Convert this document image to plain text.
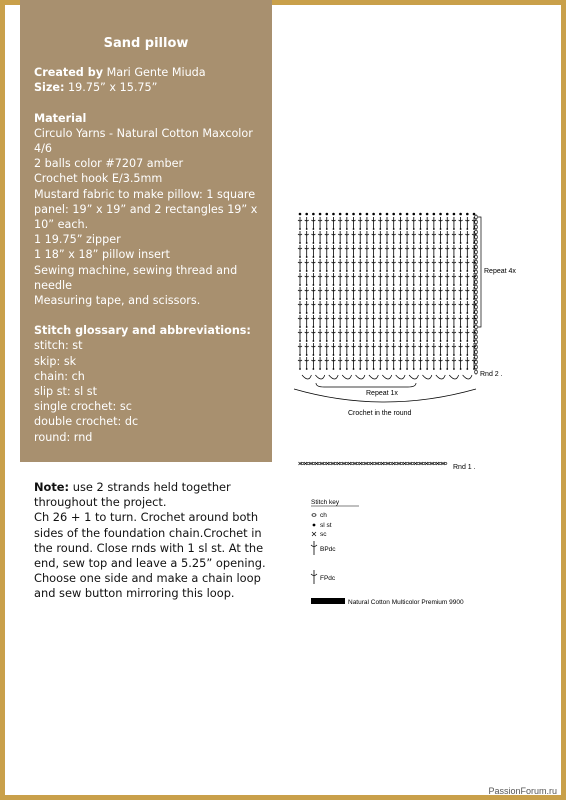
Sand pillow

Created by Mari Gente Miuda

Size: 19.75” x 15.75”

Material

Circulo Yarns - Natural Cotton Maxcolor 4/6

2 balls color #7207 amber

Crochet hook E/3.5mm

Mustard fabric to make pillow: 1 square panel: 19” x 19” and 2 rectangles 19” x 10” each.

1 19.75” zipper

1 18” x 18” pillow insert

Sewing machine, sewing thread and needle

Measuring tape, and scissors.

Stitch glossary and abbreviations:

stitch: st

skip: sk

chain: ch

slip st: sl st

single crochet: sc

double crochet: dc

round: rnd

Note: use 2 strands held together throughout the project.
Ch 26 + 1 to turn. Crochet around both sides of the foundation chain.Crochet in the round. Close rnds with 1 sl st. At the end, sew top and leave a 5.25” opening. Choose one side and make a chain loop and sew button mirroring this loop.
Repeat 4x
Rnd 2 .
Repeat 1x
Crochet in the round
Rnd 1 .
Stitch key
ch
sl st
sc
BPdc
FPdc
Natural Cotton Multicolor Premium 9900
PassionForum.ru
